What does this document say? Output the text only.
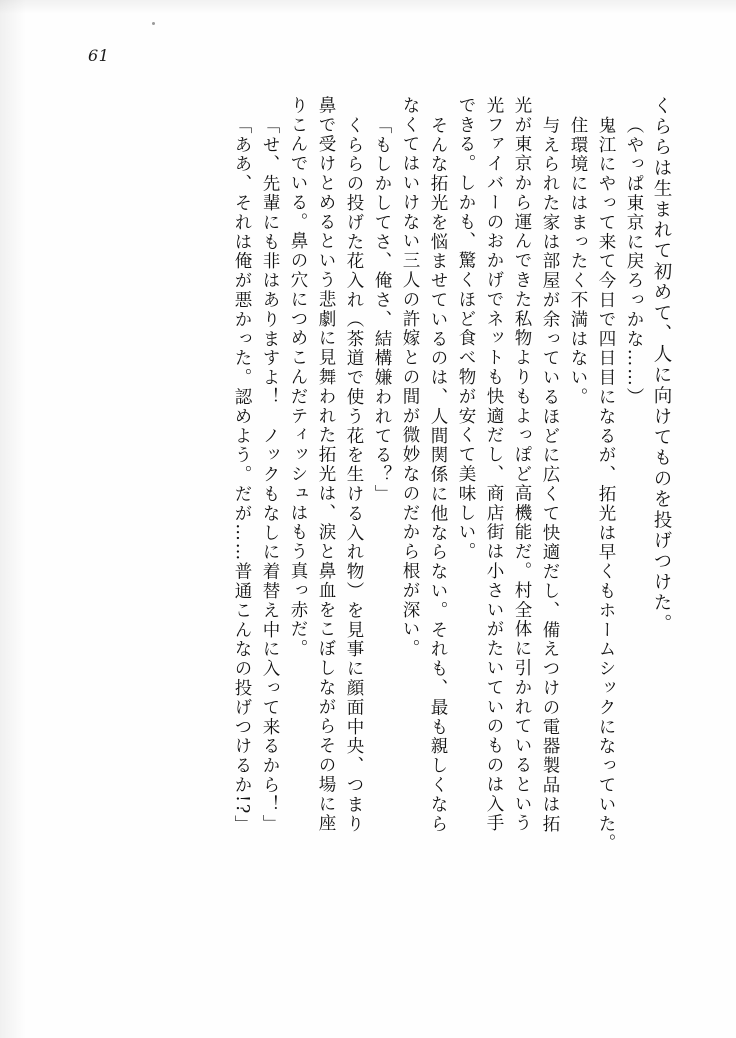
61
くららは生まれて初めて、人に向けてものを投げつけた。
（やっぱ東京に戻ろっかな……）
鬼江にやって来て今日で四日目になるが、拓光は早くもホームシックになっていた。
住環境にはまったく不満はない。
与えられた家は部屋が余っているほどに広くて快適だし、備えつけの電器製品は拓
光が東京から運んできた私物よりもよっぽど高機能だ。村全体に引かれているという
光ファイバーのおかげでネットも快適だし、商店街は小さいがたいていのものは入手
できる。しかも、驚くほど食べ物が安くて美味しい。
そんな拓光を悩ませているのは、人間関係に他ならない。それも、最も親しくなら
なくてはいけない三人の許嫁との間が微妙なのだから根が深い。
「もしかしてさ、俺さ、結構嫌われてる？」
くららの投げた花入れ（茶道で使う花を生ける入れ物）を見事に顔面中央、つまり
鼻で受けとめるという悲劇に見舞われた拓光は、涙と鼻血をこぼしながらその場に座
りこんでいる。鼻の穴につめこんだティッシュはもう真っ赤だ。
「せ、先輩にも非はありますよ！　ノックもなしに着替え中に入って来るから！」
「ああ、それは俺が悪かった。認めよう。だが……普通こんなの投げつけるか!?」
